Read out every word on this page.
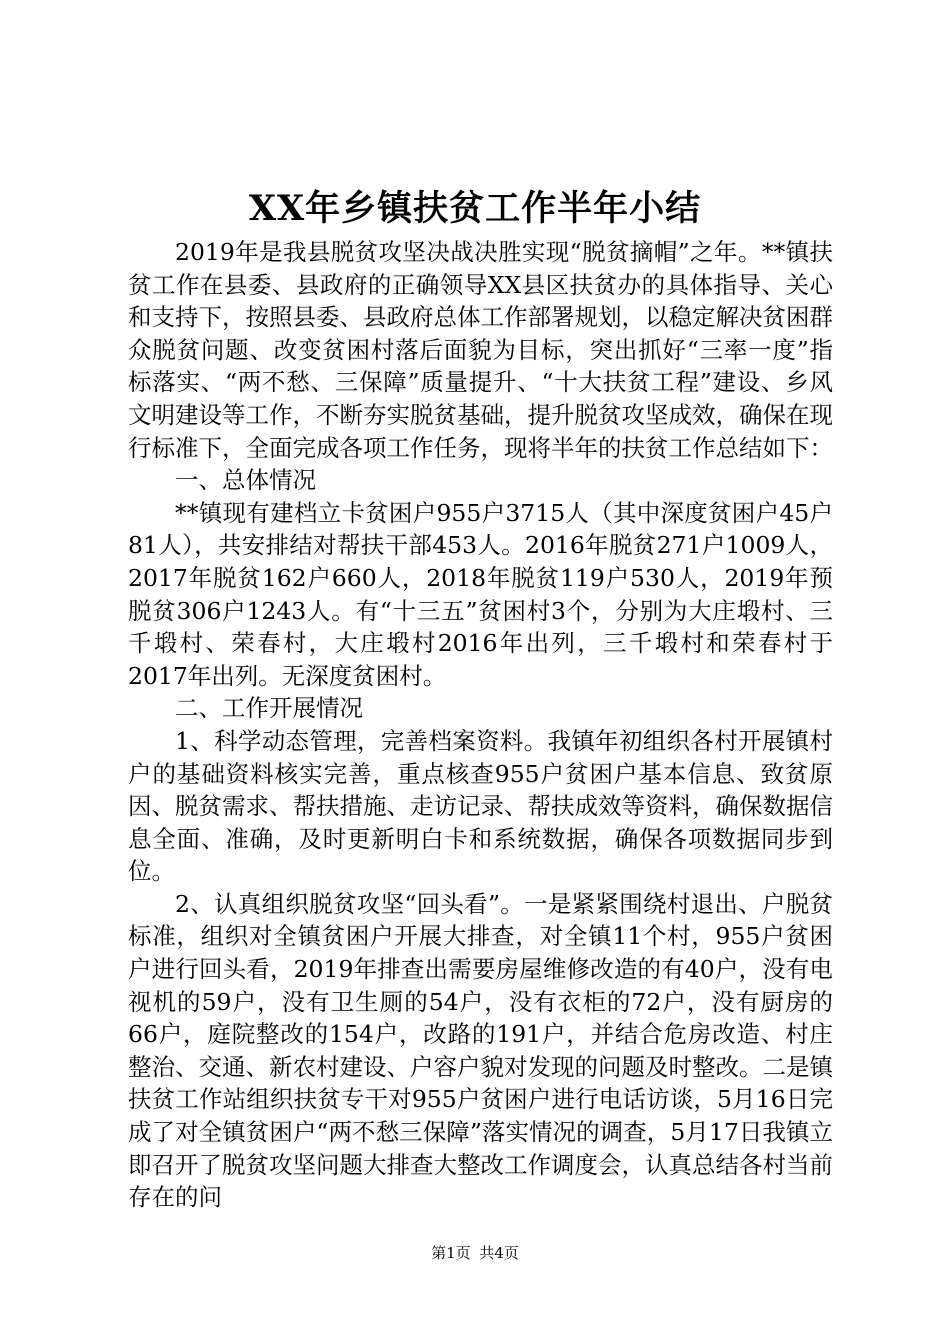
XX年乡镇扶贫工作半年小结

2019年是我县脱贫攻坚决战决胜实现“脱贫摘帽”之年。**镇扶贫工作在县委、县政府的正确领导XX县区扶贫办的具体指导、关心和支持下，按照县委、县政府总体工作部署规划，以稳定解决贫困群众脱贫问题、改变贫困村落后面貌为目标，突出抓好“三率一度”指标落实、“两不愁、三保障”质量提升、“十大扶贫工程”建设、乡风文明建设等工作，不断夯实脱贫基础，提升脱贫攻坚成效，确保在现行标准下，全面完成各项工作任务，现将半年的扶贫工作总结如下：

一、总体情况

**镇现有建档立卡贫困户955户3715人（其中深度贫困户45户81人），共安排结对帮扶干部453人。2016年脱贫271户1009人，2017年脱贫162户660人，2018年脱贫119户530人，2019年预脱贫306户1243人。有“十三五”贫困村3个，分别为大庄塅村、三千塅村、荣春村，大庄塅村2016年出列，三千塅村和荣春村于2017年出列。无深度贫困村。

二、工作开展情况

1、科学动态管理，完善档案资料。我镇年初组织各村开展镇村户的基础资料核实完善，重点核查955户贫困户基本信息、致贫原因、脱贫需求、帮扶措施、走访记录、帮扶成效等资料，确保数据信息全面、准确，及时更新明白卡和系统数据，确保各项数据同步到位。

2、认真组织脱贫攻坚“回头看”。一是紧紧围绕村退出、户脱贫标准，组织对全镇贫困户开展大排查，对全镇11个村，955户贫困户进行回头看，2019年排查出需要房屋维修改造的有40户，没有电视机的59户，没有卫生厕的54户，没有衣柜的72户，没有厨房的66户，庭院整改的154户，改路的191户，并结合危房改造、村庄整治、交通、新农村建设、户容户貌对发现的问题及时整改。二是镇扶贫工作站组织扶贫专干对955户贫困户进行电话访谈，5月16日完成了对全镇贫困户“两不愁三保障”落实情况的调查，5月17日我镇立即召开了脱贫攻坚问题大排查大整改工作调度会，认真总结各村当前存在的问

第1页 共4页
